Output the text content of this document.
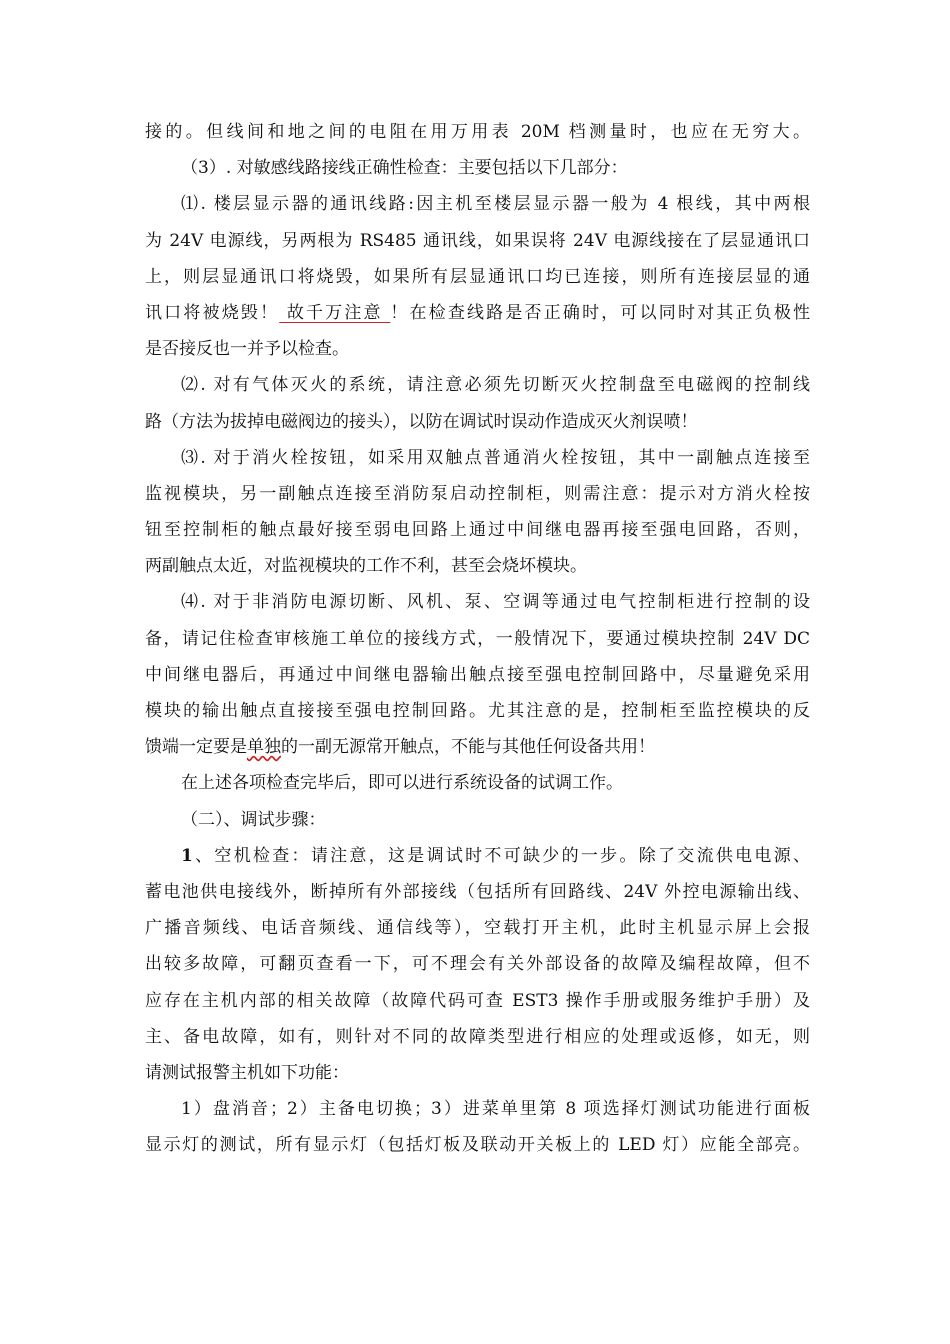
接的。但线间和地之间的电阻在用万用表 20M 档测量时，也应在无穷大。
（3）. 对敏感线路接线正确性检查：主要包括以下几部分：
⑴. 楼层显示器的通讯线路:因主机至楼层显示器一般为 4 根线，其中两根
为 24V 电源线，另两根为 RS485 通讯线，如果误将 24V 电源线接在了层显通讯口
上，则层显通讯口将烧毁，如果所有层显通讯口均已连接，则所有连接层显的通
讯口将被烧毁！ 故千万注意 ！在检查线路是否正确时，可以同时对其正负极性
是否接反也一并予以检查。
⑵. 对有气体灭火的系统，请注意必须先切断灭火控制盘至电磁阀的控制线
路（方法为拔掉电磁阀边的接头），以防在调试时误动作造成灭火剂误喷！
⑶. 对于消火栓按钮，如采用双触点普通消火栓按钮，其中一副触点连接至
监视模块，另一副触点连接至消防泵启动控制柜，则需注意：提示对方消火栓按
钮至控制柜的触点最好接至弱电回路上通过中间继电器再接至强电回路，否则，
两副触点太近，对监视模块的工作不利，甚至会烧坏模块。
⑷. 对于非消防电源切断、风机、泵、空调等通过电气控制柜进行控制的设
备，请记住检查审核施工单位的接线方式，一般情况下，要通过模块控制 24V DC
中间继电器后，再通过中间继电器输出触点接至强电控制回路中，尽量避免采用
模块的输出触点直接接至强电控制回路。尤其注意的是，控制柜至监控模块的反
馈端一定要是单独的一副无源常开触点，不能与其他任何设备共用！
在上述各项检查完毕后，即可以进行系统设备的试调工作。
（二）、调试步骤：
1、空机检查：请注意，这是调试时不可缺少的一步。除了交流供电电源、
蓄电池供电接线外，断掉所有外部接线（包括所有回路线、24V 外控电源输出线、
广播音频线、电话音频线、通信线等），空载打开主机，此时主机显示屏上会报
出较多故障，可翻页查看一下，可不理会有关外部设备的故障及编程故障，但不
应存在主机内部的相关故障（故障代码可查 EST3 操作手册或服务维护手册）及
主、备电故障，如有，则针对不同的故障类型进行相应的处理或返修，如无，则
请测试报警主机如下功能：
1）盘消音；2）主备电切换；3）进菜单里第 8 项选择灯测试功能进行面板
显示灯的测试，所有显示灯（包括灯板及联动开关板上的 LED 灯）应能全部亮。
